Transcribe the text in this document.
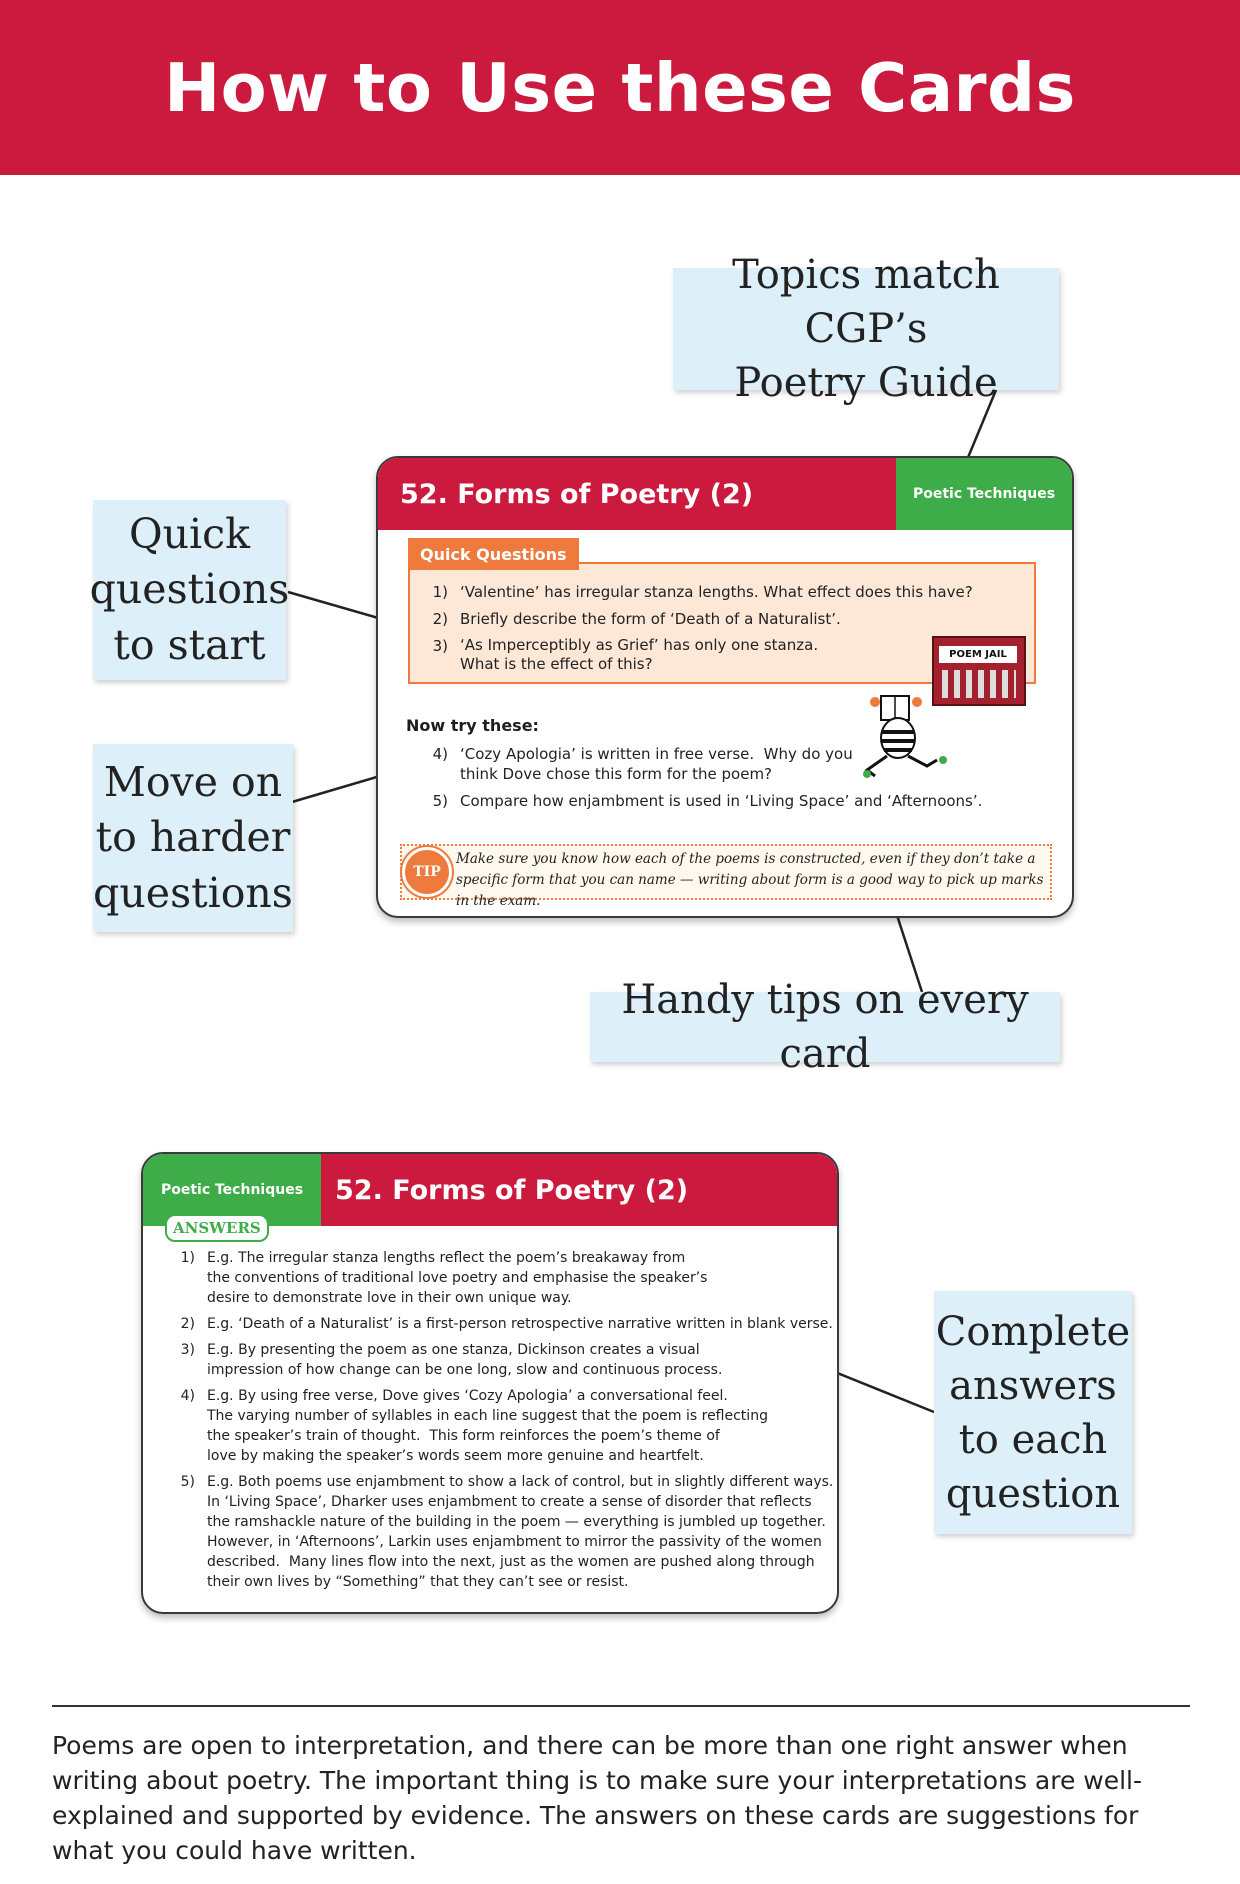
How to Use these Cards
Topics match CGP’s
Poetry Guide
Quick
questions
to start
Move on
to harder
questions
Handy tips on every card
Complete
answers
to each
question
52. Forms of Poetry (2)	Poetic Techniques
Quick Questions
1) ‘Valentine’ has irregular stanza lengths. What effect does this have?
2) Briefly describe the form of ‘Death of a Naturalist’.
3) ‘As Imperceptibly as Grief’ has only one stanza.
What is the effect of this?
POEM JAIL
Now try these:
4) ‘Cozy Apologia’ is written in free verse.  Why do you
think Dove chose this form for the poem?
5) Compare how enjambment is used in ‘Living Space’ and ‘Afternoons’.
TIP
Make sure you know how each of the poems is constructed, even if they don’t take a specific form that you can name — writing about form is a good way to pick up marks in the exam.
Poetic Techniques	52. Forms of Poetry (2)
ANSWERS
1) E.g. The irregular stanza lengths reflect the poem’s breakaway from
the conventions of traditional love poetry and emphasise the speaker’s
desire to demonstrate love in their own unique way.
2) E.g. ‘Death of a Naturalist’ is a first-person retrospective narrative written in blank verse.
3) E.g. By presenting the poem as one stanza, Dickinson creates a visual
impression of how change can be one long, slow and continuous process.
4) E.g. By using free verse, Dove gives ‘Cozy Apologia’ a conversational feel.
The varying number of syllables in each line suggest that the poem is reflecting
the speaker’s train of thought.  This form reinforces the poem’s theme of
love by making the speaker’s words seem more genuine and heartfelt.
5) E.g. Both poems use enjambment to show a lack of control, but in slightly different ways.
In ‘Living Space’, Dharker uses enjambment to create a sense of disorder that reflects
the ramshackle nature of the building in the poem — everything is jumbled up together.
However, in ‘Afternoons’, Larkin uses enjambment to mirror the passivity of the women
described.  Many lines flow into the next, just as the women are pushed along through
their own lives by “Something” that they can’t see or resist.
Poems are open to interpretation, and there can be more than one right answer when writing about poetry. The important thing is to make sure your interpretations are well-explained and supported by evidence. The answers on these cards are suggestions for what you could have written.
